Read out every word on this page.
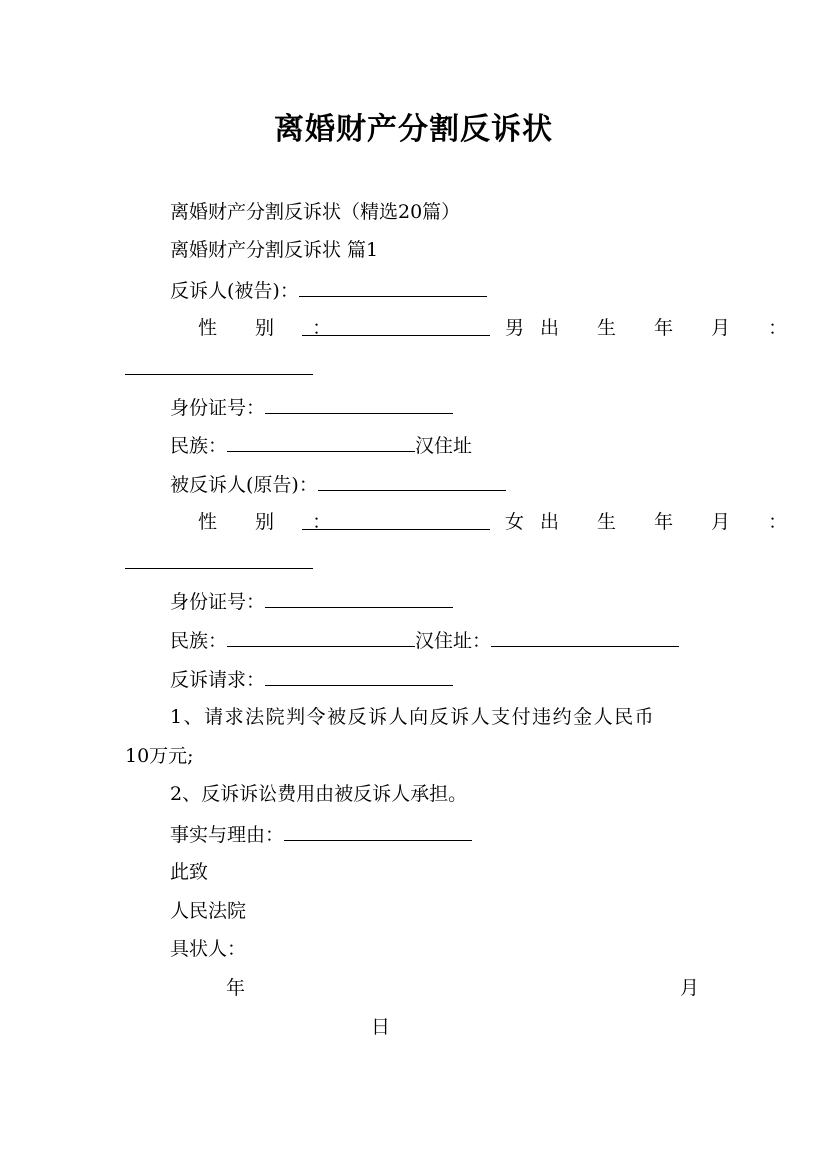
离婚财产分割反诉状
离婚财产分割反诉状（精选20篇）
离婚财产分割反诉状 篇1
反诉人(被告)：
性 别 ：	男 出 生 年 月 ：
身份证号：
民族：	汉住址
被反诉人(原告)：
性 别 ：	女 出 生 年 月 ：
身份证号：
民族：	汉住址：
反诉请求：
1、请求法院判令被反诉人向反诉人支付违约金人民币
10万元;
2、反诉诉讼费用由被反诉人承担。
事实与理由：
此致
人民法院
具状人：
年	月
日
